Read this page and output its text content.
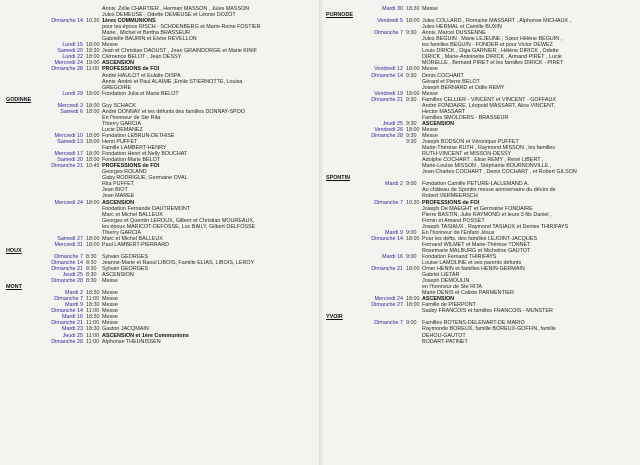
Anniv. Zélie CHARTIER , Herman MASSON , Jules MASSON
Jules DEMEUSE , Odette DEMEUSE et Léonie DOZOT
Dimanche 14 10:30 1ères COMMUNIONS
pour les époux RISCH - SCHOENBERG et Marie-Reine FOSTIER
Marie , Michel et Bertha BRASSEUR
Gabrielle BAURIN et Elvire REVELLON
Lundi 15 18:00 Messe
Samedi 20 18:30 Jean et Christian DAOUST , Jean GRAINDORGE et Marie KINIF
Lundi 22 18:00 Clémence BELOT , Jean DESSY
Mercredi 24 19:00 ASCENSION
Dimanche 28 11:00 PROFESSIONS de FOI
André HAULOT et Eulalie DISPA
Anniv. André et Paul ALAIME ,Emile STIERNOTTE, Louisa
GREGOIRE
Lundi 29 18:00 Fondation Julia et Marie BELOT
GODINNE
Mercredi 3 18:00 Guy SCHACK
Samedi 6 18:00 André DONNAY et les défunts des familles DONNAY-SPOO
En l'honneur de Ste Rita
Thierry GARCIA
Lucie DEMANEZ
Mercredi 10 18:00 Fondation LEBRUN-DETHISE
Samedi 13 18:00 Henri PUFFET
Famille LAMBERT-HENRY
Mercredi 17 18:00 Fondation Henri et Nelly BOUCHAT
Samedi 20 18:00 Fondation Marie BELOT
Dimanche 21 10:45 PROFESSIONS de FOI
Georges ROLAND
Gaby RODRIGUE, Germaine OVAL
Rita PUFFET
Jean BIOT
Jean MAREE
Mercredi 24 18:00 ASCENSION
Fondation Fernande DAUTREMONT
Marc et Michel BALLEUX
Georges et Quentin LEROUX, Gilbert et Christian MOUREAUX,
les époux MARICOT-DEFOSSE, Luc BAILY, Gilbert DELFOSSE
Thierry GARCIA
Samedi 27 18:00 Marc et Michel BALLEUX
Mercredi 31 18:00 Paul LAMBERT-PIERRARD
HOUX
Dimanche 7 8:30	Sylvain GEORGES
Dimanche 14 8:30	Jeanne-Marie et Raoul LIBOIS, Famille ELIAS, LIBOIS, LEROY
Dimanche 21 8:30	Sylvain GEORGES
Jeudi 25 8:30	ASCENSION
Dimanche 28 8:30	Messe
MONT
Mardi 2 18:30 Messe
Dimanche 7 11:00 Messe
Mardi 9 18:30 Messe
Dimanche 14 11:00 Messe
Mardi 16 18:30 Messe
Dimanche 21 11:00 Messe
Mardi 23 18:30 Gaston JACQMAIN
Jeudi 25 11:00 ASCENSION et 1ère Communions
Dimanche 28 11:00 Alphonse THEUNISSEN
Mardi 30 18:30 Messe
PURNODE
Vendredi 5 18:00 Jules COLLARD , Romaine MASSART , Alphonse MICHAUX ,
Jules HERMAL et Camille BUXIN
Dimanche 7 9:30	Anniv. Marcel DUSSENNE
Jules BEGUIN , Marie LEJEUNE , Sœur Hélène BEGUIN ,
les familles BEGUIN - FONDER et pour Victor DEWEZ
Louis DIRICK , Olga GARNIER , Hélène DIRICK , Odette
DIRICK , Marie-Antoinette DIRICK , Armand PIRET , Lucie
MORELLE , Bernard PIRET et les familles DIRICK - PIRET
Vendredi 12 18:00 Messe
Dimanche 14 9:30	Denis COCHART
Gérard et Pierre BELOT
Joseph BERNARD et Odile REMY
Vendredi 19 18:00 Messe
Dimanche 21 9:30	Familles CELLIER - VINCENT et VINCENT - GOFFAUX
André FONDAIRE, Léopold MASSART, Alice VINCENT,
Hector MASSART
Familles SMOLDERS - BRASSEUR
Jeudi 25 9:30	ASCENSION
Vendredi 26 18:00 Messe
Dimanche 28 9:30	Messe
9:30	Joseph BODSON et Véronique PUFFET
Marie-Thérèse RUTH , Raymond MISSON , les familles
RUTH-VINCENT et MISSON-DESSY
Adolphe COCHART , Elise REMY , René LIBERT ,
Marie-Louise MISSON , Stéphanie BOURNONVILLE ,
Jean-Charles COCHART , Denis COCHART , et Robert GILSON
SPONTIN
Mardi 2 9:00	Fondation Camille PETURE-LALLEMAND A.
Au château de Spontin messe anniversaire du décès de
Robert VERMEERSCH
Dimanche 7 10:30 PROFESSIONS de FOI
Joseph De MAEGHT et Germaine FONDAIRE
Pierre BASTIN, Julie RAYMOND et leurs 3 fils Daniel ,
Firmin et Amand POSSET
Joseph TASIAUX , Raymond TASIAUX et Denise THIRIFAYS
Mardi 9 9:00	En l'honneur de l'Enfant Jésus
Dimanche 14 18:00 Pour les défts. des familles LEJOINT-JACQUES
Fernand WILMET et Marie-Thérèse TONNET
Rosemarie MALBURG et Micheline GAUTOT
Mardi 16 9:00	Fondation Fernand THIRIFAYS
Louise LAMOLINE et ses parents défunts
Dimanche 21 18:00 Omer HENIN et familles HENIN-GERMAIN
Gabriel LIETAR
Joseph DEMOULIN
en l'honneur de Ste RITA
Marie DENIS et Calixte PARMENTIER
Mercredi 24 18:00 ASCENSION
Dimanche 27 18:00 Famille de PIERPONT
Sadzy FRANCOIS et familles FRANCOIS - MUNSTER
YVOIR
Dimanche 7 9:00	Familles ROTENS-DELENART-DE MARIO
Raymonde BOREUX, famille BOREUX-GOFFIN, famille
DEHOU-GAUTOT
BODART-PATINET
